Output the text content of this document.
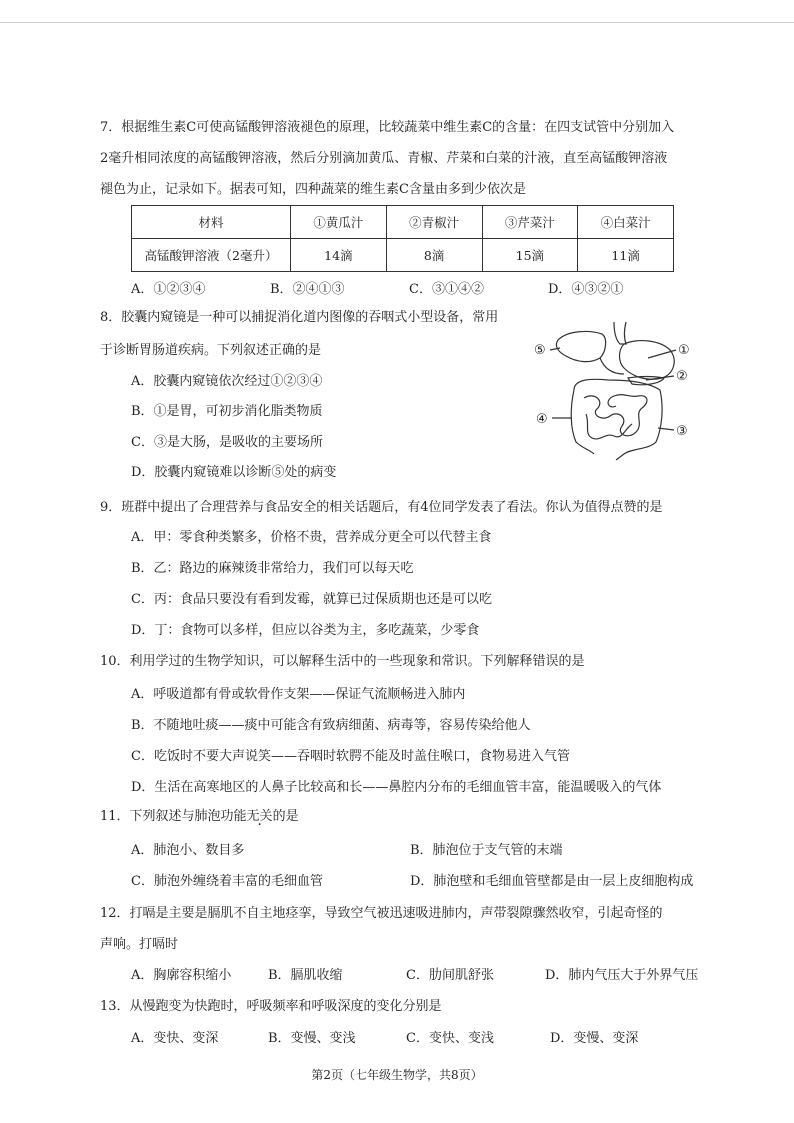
7．根据维生素C可使高锰酸钾溶液褪色的原理，比较蔬菜中维生素C的含量：在四支试管中分别加入
2毫升相同浓度的高锰酸钾溶液，然后分别滴加黄瓜、青椒、芹菜和白菜的汁液，直至高锰酸钾溶液
褪色为止，记录如下。据表可知，四种蔬菜的维生素C含量由多到少依次是
材料	①黄瓜汁	②青椒汁	③芹菜汁	④白菜汁
高锰酸钾溶液（2毫升）	14滴	8滴	15滴	11滴
A．①②③④	B．②④①③	C．③①④②	D．④③②①
8．胶囊内窥镜是一种可以捕捉消化道内图像的吞咽式小型设备，常用
于诊断胃肠道疾病。下列叙述正确的是
A．胶囊内窥镜依次经过①②③④
B．①是胃，可初步消化脂类物质
C．③是大肠，是吸收的主要场所
D．胶囊内窥镜难以诊断⑤处的病变
①
②
③
④
⑤
9．班群中提出了合理营养与食品安全的相关话题后，有4位同学发表了看法。你认为值得点赞的是
A．甲：零食种类繁多，价格不贵，营养成分更全可以代替主食
B．乙：路边的麻辣烫非常给力，我们可以每天吃
C．丙：食品只要没有看到发霉，就算已过保质期也还是可以吃
D．丁：食物可以多样，但应以谷类为主，多吃蔬菜，少零食
10．利用学过的生物学知识，可以解释生活中的一些现象和常识。下列解释错误的是
A．呼吸道都有骨或软骨作支架——保证气流顺畅进入肺内
B．不随地吐痰——痰中可能含有致病细菌、病毒等，容易传染给他人
C．吃饭时不要大声说笑——吞咽时软腭不能及时盖住喉口，食物易进入气管
D．生活在高寒地区的人鼻子比较高和长——鼻腔内分布的毛细血管丰富，能温暖吸入的气体
11．下列叙述与肺泡功能无关的是
A．肺泡小、数目多	B．肺泡位于支气管的末端
C．肺泡外缠绕着丰富的毛细血管	D．肺泡壁和毛细血管壁都是由一层上皮细胞构成
12．打嗝是主要是膈肌不自主地痉挛，导致空气被迅速吸进肺内，声带裂隙骤然收窄，引起奇怪的
声响。打嗝时
A．胸廓容积缩小	B．膈肌收缩	C．肋间肌舒张	D．肺内气压大于外界气压
13．从慢跑变为快跑时，呼吸频率和呼吸深度的变化分别是
A．变快、变深	B．变慢、变浅	C．变快、变浅	D．变慢、变深
第2页（七年级生物学，共8页）
